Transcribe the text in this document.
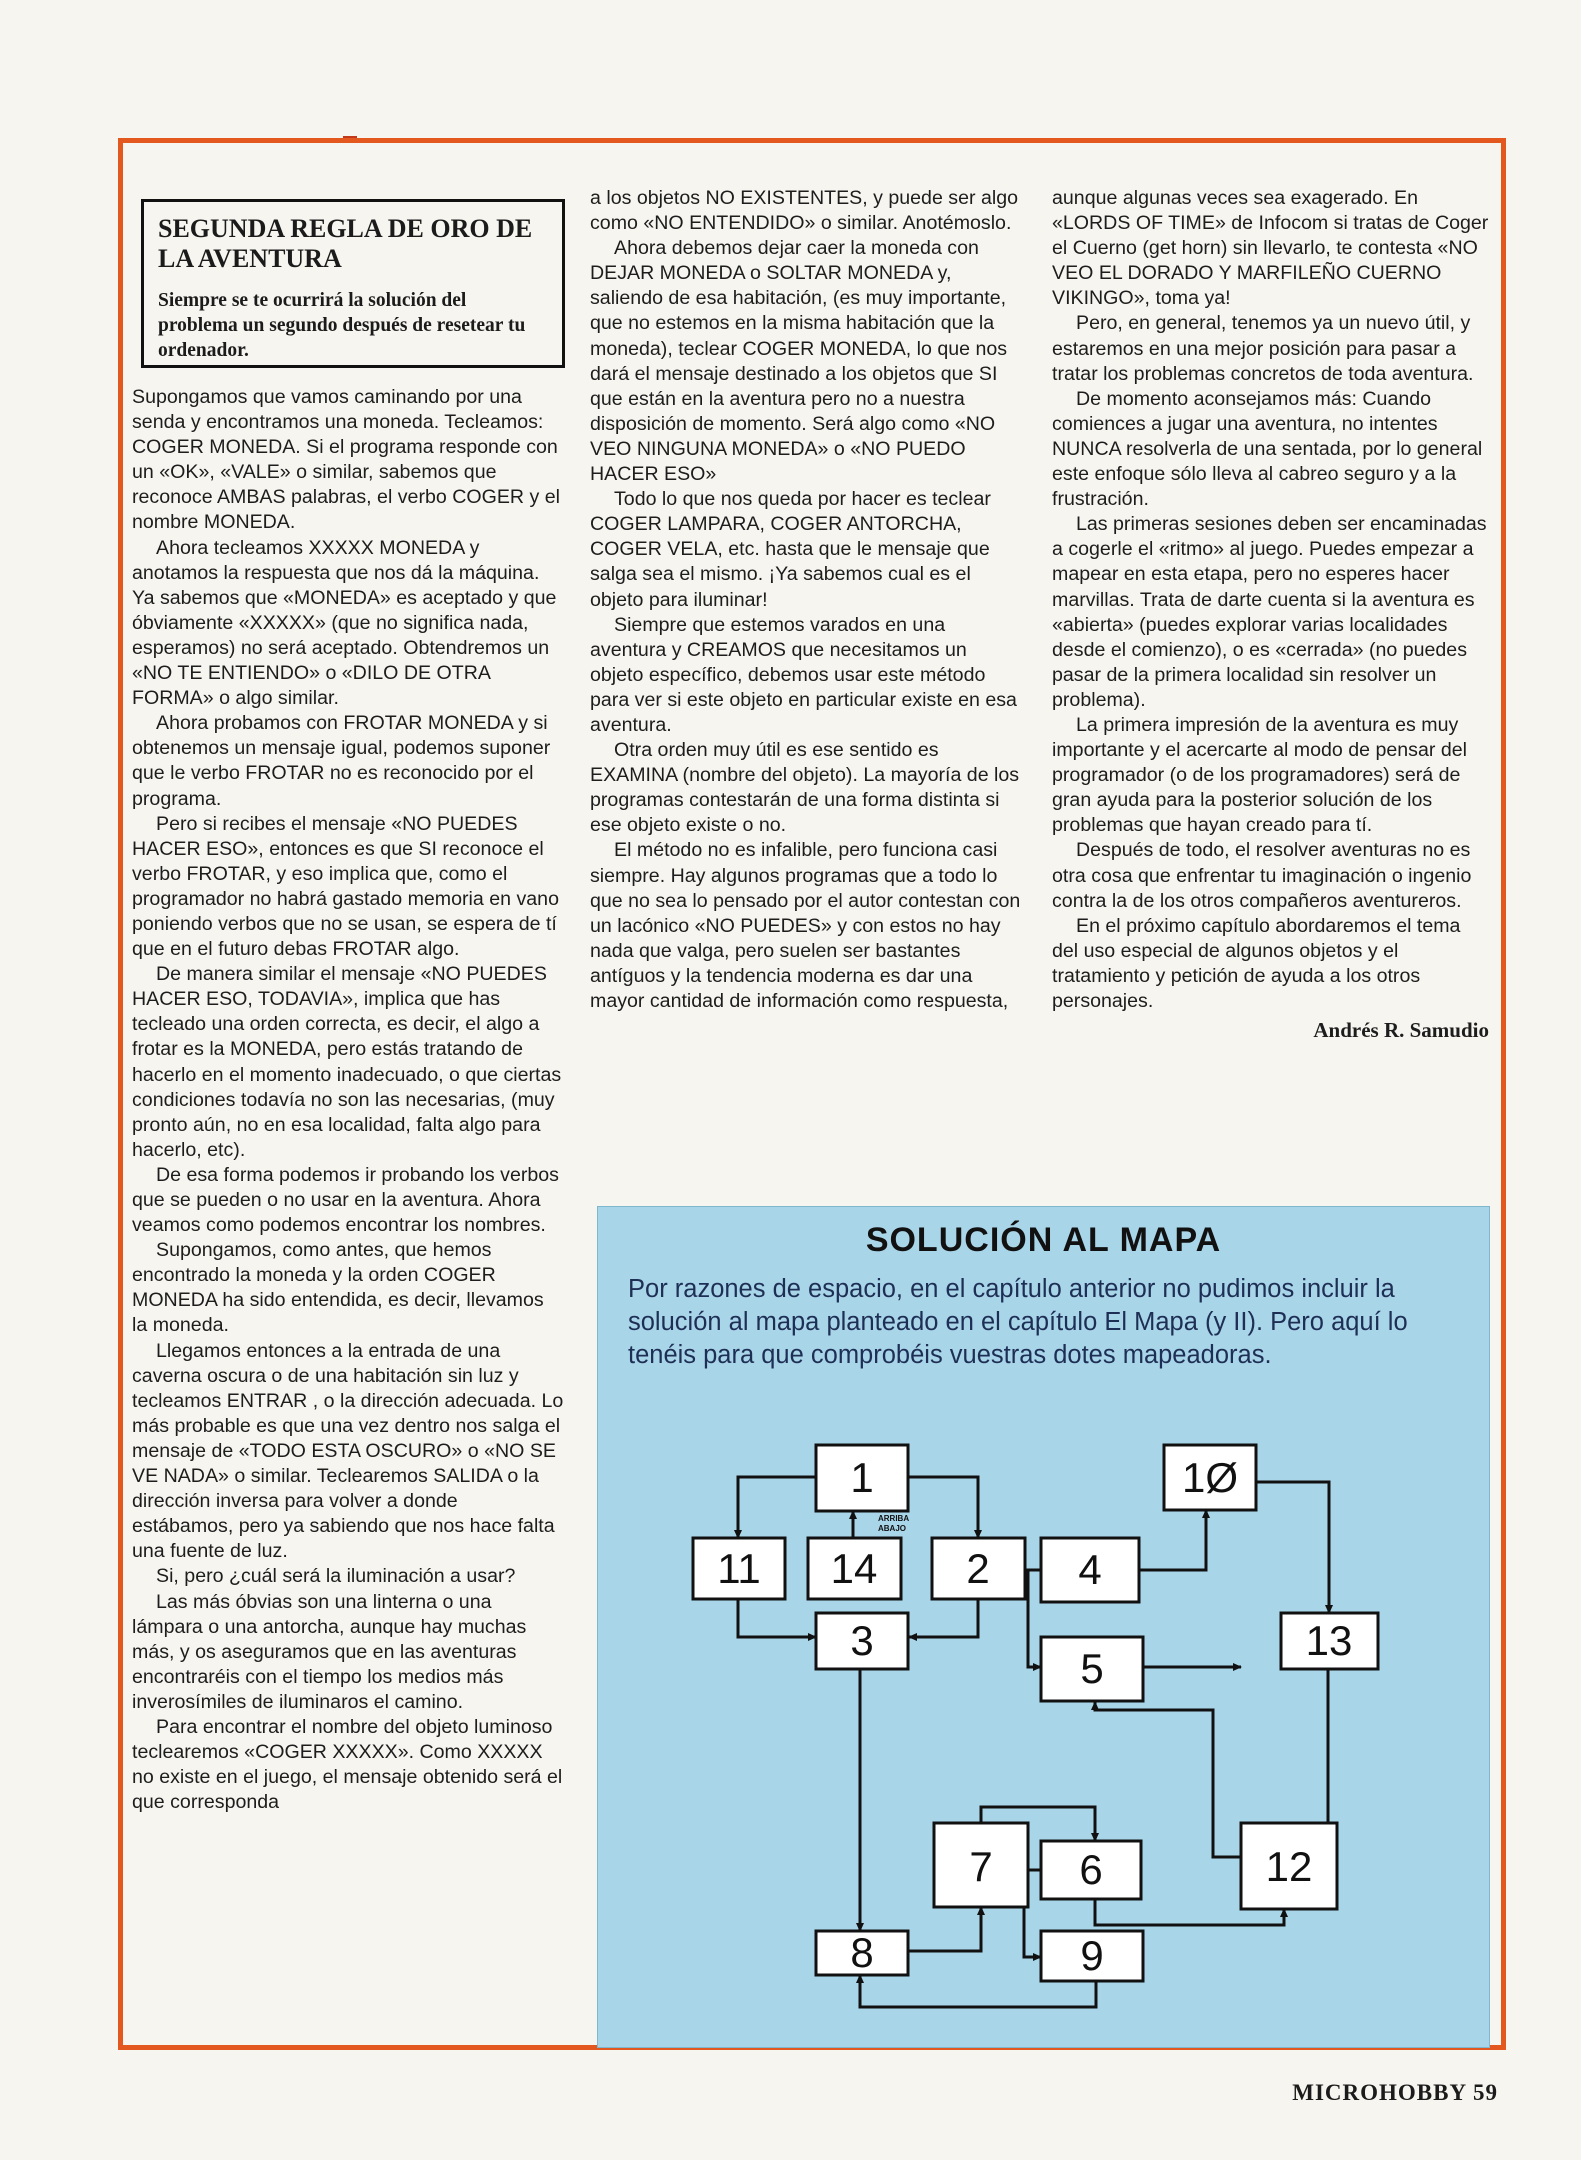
SEGUNDA REGLA DE ORO DE LA AVENTURA

Siempre se te ocurrirá la solución del problema un segundo después de resetear tu ordenador.

Supongamos que vamos caminando por una senda y encontramos una moneda. Tecleamos: COGER MONEDA. Si el programa responde con un «OK», «VALE» o similar, sabemos que reconoce AMBAS palabras, el verbo COGER y el nombre MONEDA.

Ahora tecleamos XXXXX MONEDA y anotamos la respuesta que nos dá la máquina. Ya sabemos que «MONEDA» es aceptado y que óbviamente «XXXXX» (que no significa nada, esperamos) no será aceptado. Obtendremos un «NO TE ENTIENDO» o «DILO DE OTRA FORMA» o algo similar.

Ahora probamos con FROTAR MONEDA y si obtenemos un mensaje igual, podemos suponer que le verbo FROTAR no es reconocido por el programa.

Pero si recibes el mensaje «NO PUEDES HACER ESO», entonces es que SI reconoce el verbo FROTAR, y eso implica que, como el programador no habrá gastado memoria en vano poniendo verbos que no se usan, se espera de tí que en el futuro debas FROTAR algo.

De manera similar el mensaje «NO PUEDES HACER ESO, TODAVIA», implica que has tecleado una orden correcta, es decir, el algo a frotar es la MONEDA, pero estás tratando de hacerlo en el momento inadecuado, o que ciertas condiciones todavía no son las necesarias, (muy pronto aún, no en esa localidad, falta algo para hacerlo, etc).

De esa forma podemos ir probando los verbos que se pueden o no usar en la aventura. Ahora veamos como podemos encontrar los nombres.

Supongamos, como antes, que hemos encontrado la moneda y la orden COGER MONEDA ha sido entendida, es decir, llevamos la moneda.

Llegamos entonces a la entrada de una caverna oscura o de una habitación sin luz y tecleamos ENTRAR , o la dirección adecuada. Lo más probable es que una vez dentro nos salga el mensaje de «TODO ESTA OSCURO» o «NO SE VE NADA» o similar. Teclearemos SALIDA o la dirección inversa para volver a donde estábamos, pero ya sabiendo que nos hace falta una fuente de luz.

Si, pero ¿cuál será la iluminación a usar?

Las más óbvias son una linterna o una lámpara o una antorcha, aunque hay muchas más, y os aseguramos que en las aventuras encontraréis con el tiempo los medios más inverosímiles de iluminaros el camino.

Para encontrar el nombre del objeto luminoso teclearemos «COGER XXXXX». Como XXXXX no existe en el juego, el mensaje obtenido será el que corresponda

a los objetos NO EXISTENTES, y puede ser algo como «NO ENTENDIDO» o similar. Anotémoslo.

Ahora debemos dejar caer la moneda con DEJAR MONEDA o SOLTAR MONEDA y, saliendo de esa habitación, (es muy importante, que no estemos en la misma habitación que la moneda), teclear COGER MONEDA, lo que nos dará el mensaje destinado a los objetos que SI que están en la aventura pero no a nuestra disposición de momento. Será algo como «NO VEO NINGUNA MONEDA» o «NO PUEDO HACER ESO»

Todo lo que nos queda por hacer es teclear COGER LAMPARA, COGER ANTORCHA, COGER VELA, etc. hasta que le mensaje que salga sea el mismo. ¡Ya sabemos cual es el objeto para iluminar!

Siempre que estemos varados en una aventura y CREAMOS que necesitamos un objeto específico, debemos usar este método para ver si este objeto en particular existe en esa aventura.

Otra orden muy útil es ese sentido es EXAMINA (nombre del objeto). La mayoría de los programas contestarán de una forma distinta si ese objeto existe o no.

El método no es infalible, pero funciona casi siempre. Hay algunos programas que a todo lo que no sea lo pensado por el autor contestan con un lacónico «NO PUEDES» y con estos no hay nada que valga, pero suelen ser bastantes antíguos y la tendencia moderna es dar una mayor cantidad de información como respuesta,

aunque algunas veces sea exagerado. En «LORDS OF TIME» de Infocom si tratas de Coger el Cuerno (get horn) sin llevarlo, te contesta «NO VEO EL DORADO Y MARFILEÑO CUERNO VIKINGO», toma ya!

Pero, en general, tenemos ya un nuevo útil, y estaremos en una mejor posición para pasar a tratar los problemas concretos de toda aventura.

De momento aconsejamos más: Cuando comiences a jugar una aventura, no intentes NUNCA resolverla de una sentada, por lo general este enfoque sólo lleva al cabreo seguro y a la frustración.

Las primeras sesiones deben ser encaminadas a cogerle el «ritmo» al juego. Puedes empezar a mapear en esta etapa, pero no esperes hacer marvillas. Trata de darte cuenta si la aventura es «abierta» (puedes explorar varias localidades desde el comienzo), o es «cerrada» (no puedes pasar de la primera localidad sin resolver un problema).

La primera impresión de la aventura es muy importante y el acercarte al modo de pensar del programador (o de los programadores) será de gran ayuda para la posterior solución de los problemas que hayan creado para tí.

Después de todo, el resolver aventuras no es otra cosa que enfrentar tu imaginación o ingenio contra la de los otros compañeros aventureros.

En el próximo capítulo abordaremos el tema del uso especial de algunos objetos y el tratamiento y petición de ayuda a los otros personajes.

Andrés R. Samudio
SOLUCIÓN AL MAPA

Por razones de espacio, en el capítulo anterior no pudimos incluir la solución al mapa planteado en el capítulo El Mapa (y II). Pero aquí lo tenéis para que comprobéis vuestras dotes mapeadoras.

ARRIBA
ABAJO
1
11 14 2
3
1Ø
4
5
13
7 6	12
8	9
MICROHOBBY 59
